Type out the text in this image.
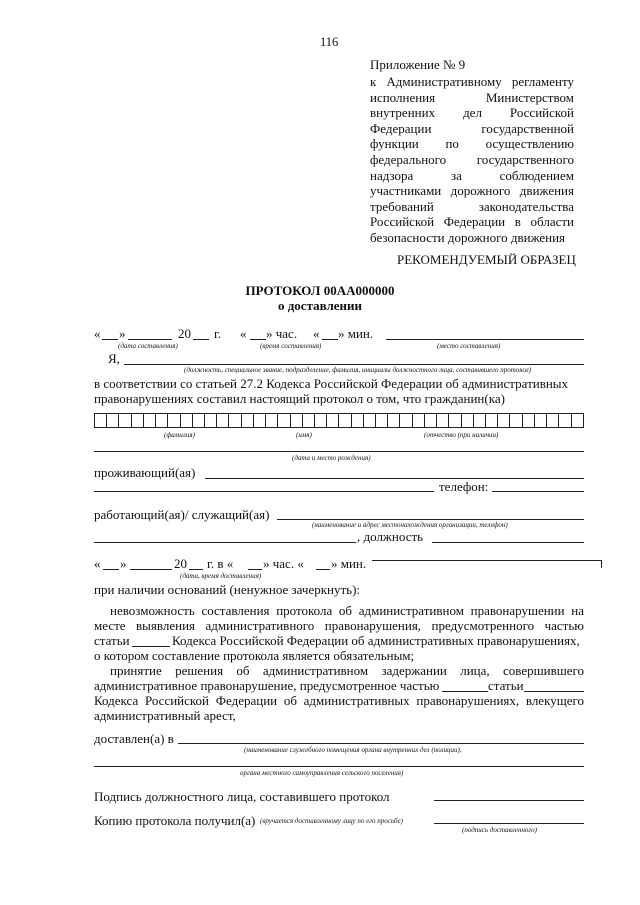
116
Приложение № 9
к Административному регламенту
исполнения Министерством
внутренних дел Российской
Федерации государственной
функции по осуществлению
федерального государственного
надзора за соблюдением
участниками дорожного движения
требований законодательства
Российской Федерации в области
безопасности дорожного движения
РЕКОМЕНДУЕМЫЙ ОБРАЗЕЦ
ПРОТОКОЛ 00АА000000
о доставлении
« »	20 г. « » час. « » мин.
(дата составления)	(время составления)	(место составления)
Я,
(должность, специальное звание, подразделение, фамилия, инициалы должностного лица, составившего протокол)
в соответствии со статьей 27.2 Кодекса Российской Федерации об административных
правонарушениях составил настоящий протокол о том, что гражданин(ка)
(фамилия)	(имя)	(отчество (при наличии)
(дата и место рождения)
проживающий(ая)
телефон:
работающий(ая)/ служащий(ая)
(наименование и адрес местонахождения организации, телефон)
, должность
« »	20 г. в « » час. « » мин.
(дата, время доставления)
при наличии оснований (ненужное зачеркнуть):
невозможность составления протокола об административном правонарушении на
месте выявления административного правонарушения, предусмотренного частью
статьи	Кодекса Российской Федерации об административных правонарушениях,
о котором составление протокола является обязательным;
принятие решения об административном задержании лица, совершившего
административное правонарушение, предусмотренное частью	статьи
Кодекса Российской Федерации об административных правонарушениях, влекущего
административный арест,
доставлен(а) в
(наименование служебного помещения органа внутренних дел (полиции),
органа местного самоуправления сельского поселения)
Подпись должностного лица, составившего протокол
Копию протокола получил(а) (вручается доставленному лицу по его просьбе)
(подпись доставленного)
